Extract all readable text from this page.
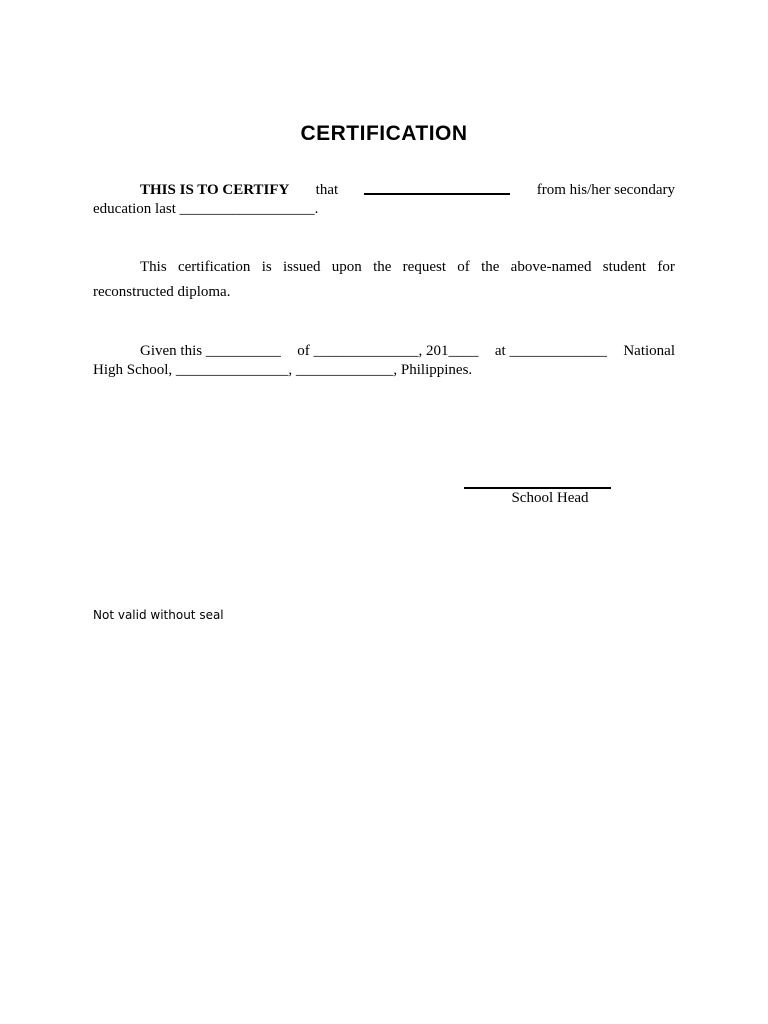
CERTIFICATION
THIS IS TO CERTIFY that	from his/her secondary
education last __________________.
This certification is issued upon the request of the above-named student for
reconstructed diploma.
Given this __________ of ______________, 201____ at _____________ National
High School, _______________, _____________, Philippines.
School Head
Not valid without seal
